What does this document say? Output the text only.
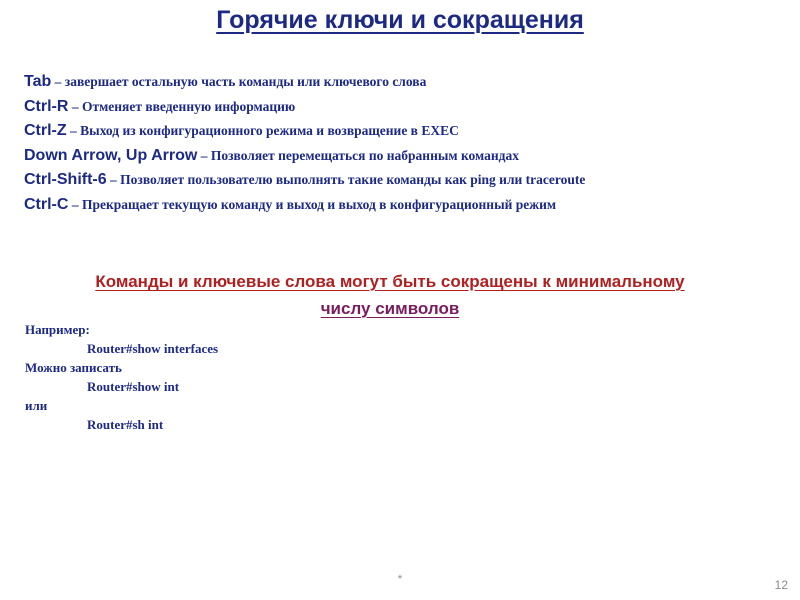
Горячие ключи и сокращения
Tab – завершает остальную часть команды или ключевого слова
Ctrl-R – Отменяет введенную информацию
Ctrl-Z – Выход из конфигурационного режима и возвращение в EXEC
Down Arrow, Up Arrow – Позволяет перемещаться по набранным командах
Ctrl-Shift-6 – Позволяет пользователю выполнять такие команды как ping или traceroute
Ctrl-C – Прекращает текущую команду и выход и выход в конфигурационный режим
Команды и ключевые слова могут быть сокращены к минимальному
числу символов
Например:
Router#show interfaces
Можно записать
Router#show int
или
Router#sh int
*	12
